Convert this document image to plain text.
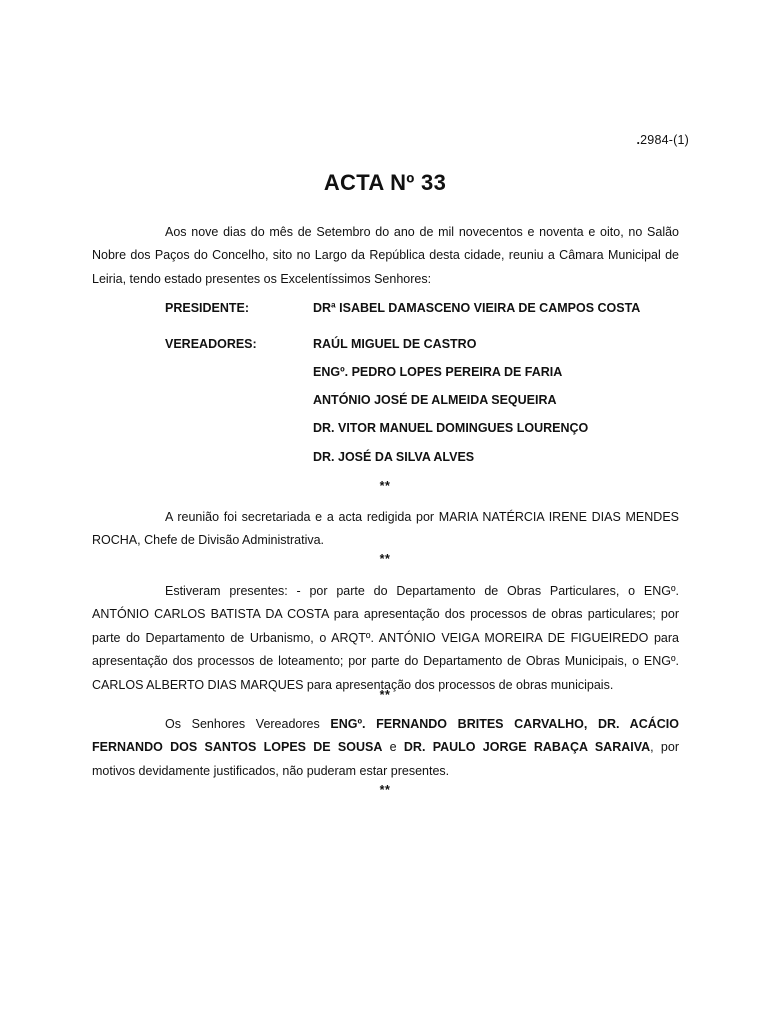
.2984-(1)
ACTA Nº 33

Aos nove dias do mês de Setembro do ano de mil novecentos e noventa e oito, no Salão Nobre dos Paços do Concelho, sito no Largo da República desta cidade, reuniu a Câmara Municipal de Leiria, tendo estado presentes os Excelentíssimos Senhores:

PRESIDENTE:	DRª ISABEL DAMASCENO VIEIRA DE CAMPOS COSTA
VEREADORES:	RAÚL MIGUEL DE CASTRO
ENGº. PEDRO LOPES PEREIRA DE FARIA
ANTÓNIO JOSÉ DE ALMEIDA SEQUEIRA
DR. VITOR MANUEL DOMINGUES LOURENÇO
DR. JOSÉ DA SILVA ALVES
**

A reunião foi secretariada e a acta redigida por MARIA NATÉRCIA IRENE DIAS MENDES ROCHA, Chefe de Divisão Administrativa.

**

Estiveram presentes: - por parte do Departamento de Obras Particulares, o ENGº. ANTÓNIO CARLOS BATISTA DA COSTA para apresentação dos processos de obras particulares; por parte do Departamento de Urbanismo, o ARQTº. ANTÓNIO VEIGA MOREIRA DE FIGUEIREDO para apresentação dos processos de loteamento; por parte do Departamento de Obras Municipais, o ENGº. CARLOS ALBERTO DIAS MARQUES para apresentação dos processos de obras municipais.

**

Os Senhores Vereadores ENGº. FERNANDO BRITES CARVALHO, DR. ACÁCIO FERNANDO DOS SANTOS LOPES DE SOUSA e DR. PAULO JORGE RABAÇA SARAIVA, por motivos devidamente justificados, não puderam estar presentes.

**
